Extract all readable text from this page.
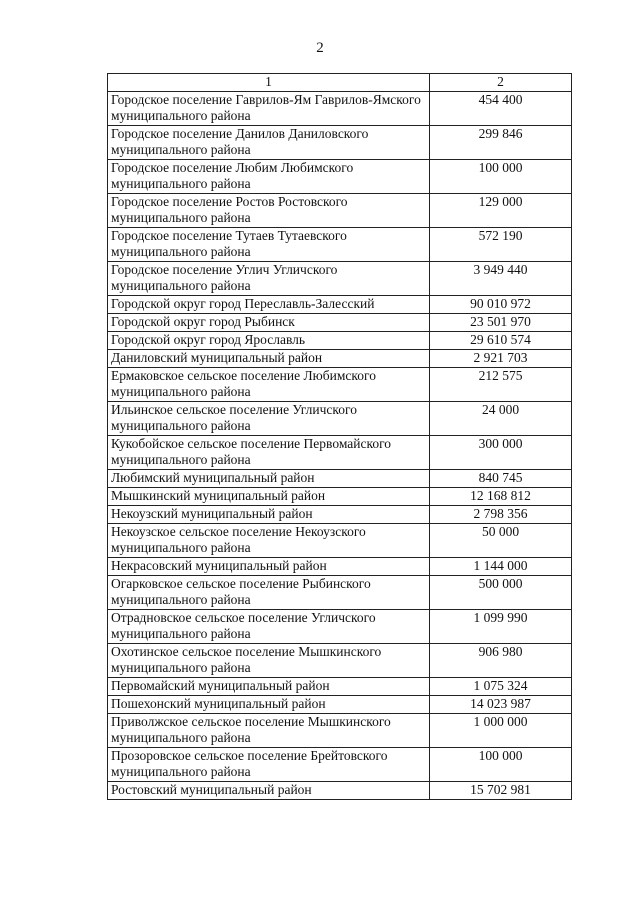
2
1	2
Городское поселение Гаврилов-Ям Гаврилов-Ямского муниципального района	454 400
Городское поселение Данилов Даниловского муниципального района	299 846
Городское поселение Любим Любимского муниципального района	100 000
Городское поселение Ростов Ростовского муниципального района	129 000
Городское поселение Тутаев Тутаевского муниципального района	572 190
Городское поселение Углич Угличского муниципального района	3 949 440
Городской округ город Переславль-Залесский	90 010 972
Городской округ город Рыбинск	23 501 970
Городской округ город Ярославль	29 610 574
Даниловский муниципальный район	2 921 703
Ермаковское сельское поселение Любимского муниципального района	212 575
Ильинское сельское поселение Угличского муниципального района	24 000
Кукобойское сельское поселение Первомайского муниципального района	300 000
Любимский муниципальный район	840 745
Мышкинский муниципальный район	12 168 812
Некоузский муниципальный район	2 798 356
Некоузское сельское поселение Некоузского муниципального района	50 000
Некрасовский муниципальный район	1 144 000
Огарковское сельское поселение Рыбинского муниципального района	500 000
Отрадновское сельское поселение Угличского муниципального района	1 099 990
Охотинское сельское поселение Мышкинского муниципального района	906 980
Первомайский муниципальный район	1 075 324
Пошехонский муниципальный район	14 023 987
Приволжское сельское поселение Мышкинского муниципального района	1 000 000
Прозоровское сельское поселение Брейтовского муниципального района	100 000
Ростовский муниципальный район	15 702 981
